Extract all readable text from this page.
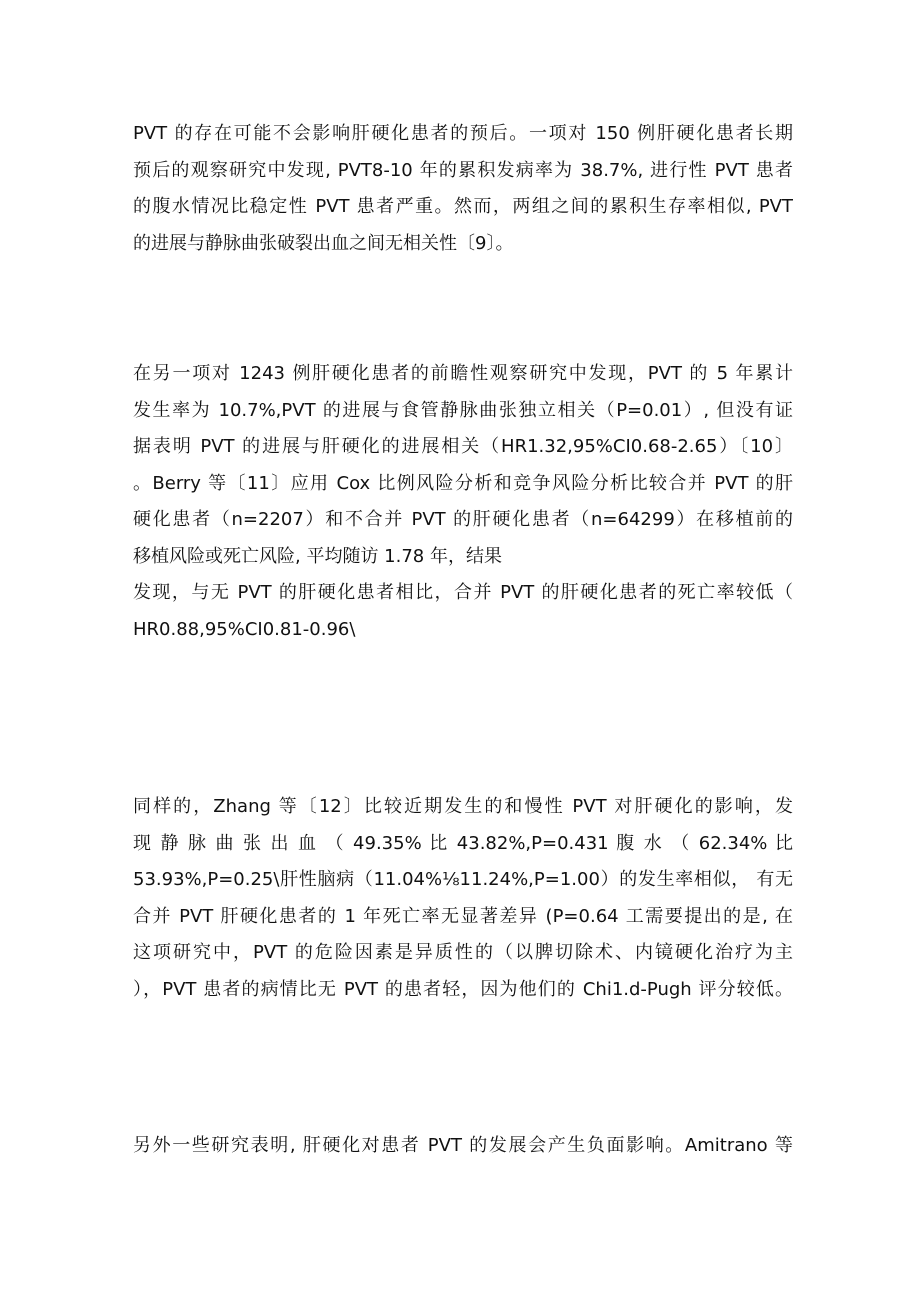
PVT 的存在可能不会影响肝硬化患者的预后。一项对 150 例肝硬化患者长期
预后的观察研究中发现, PVT8-10 年的累积发病率为 38.7%, 进行性 PVT 患者
的腹水情况比稳定性 PVT 患者严重。然而，两组之间的累积生存率相似, PVT
的进展与静脉曲张破裂出血之间无相关性〔9〕。
在另一项对 1243 例肝硬化患者的前瞻性观察研究中发现，PVT 的 5 年累计
发生率为 10.7%,PVT 的进展与食管静脉曲张独立相关（P=0.01）, 但没有证
据表明 PVT 的进展与肝硬化的进展相关（HR1.32,95%CI0.68-2.65）〔10〕
。Berry 等〔11〕应用 Cox 比例风险分析和竞争风险分析比较合并 PVT 的肝
硬化患者（n=2207）和不合并 PVT 的肝硬化患者（n=64299）在移植前的
移植风险或死亡风险, 平均随访 1.78 年，结果
发现，与无 PVT 的肝硬化患者相比，合并 PVT 的肝硬化患者的死亡率较低（
HR0.88,95%CI0.81-0.96\
同样的，Zhang 等〔12〕比较近期发生的和慢性 PVT 对肝硬化的影响，发
现 静 脉 曲 张 出 血 （ 49.35% 比 43.82%,P=0.431 腹 水 （ 62.34% 比
53.93%,P=0.25\肝性脑病（11.04%⅛11.24%,P=1.00）的发生率相似， 有无
合并 PVT 肝硬化患者的 1 年死亡率无显著差异 (P=0.64 工需要提出的是, 在
这项研究中，PVT 的危险因素是异质性的（以脾切除术、内镜硬化治疗为主
），PVT 患者的病情比无 PVT 的患者轻，因为他们的 Chi1.d-Pugh 评分较低。
另外一些研究表明, 肝硬化对患者 PVT 的发展会产生负面影响。Amitrano 等
